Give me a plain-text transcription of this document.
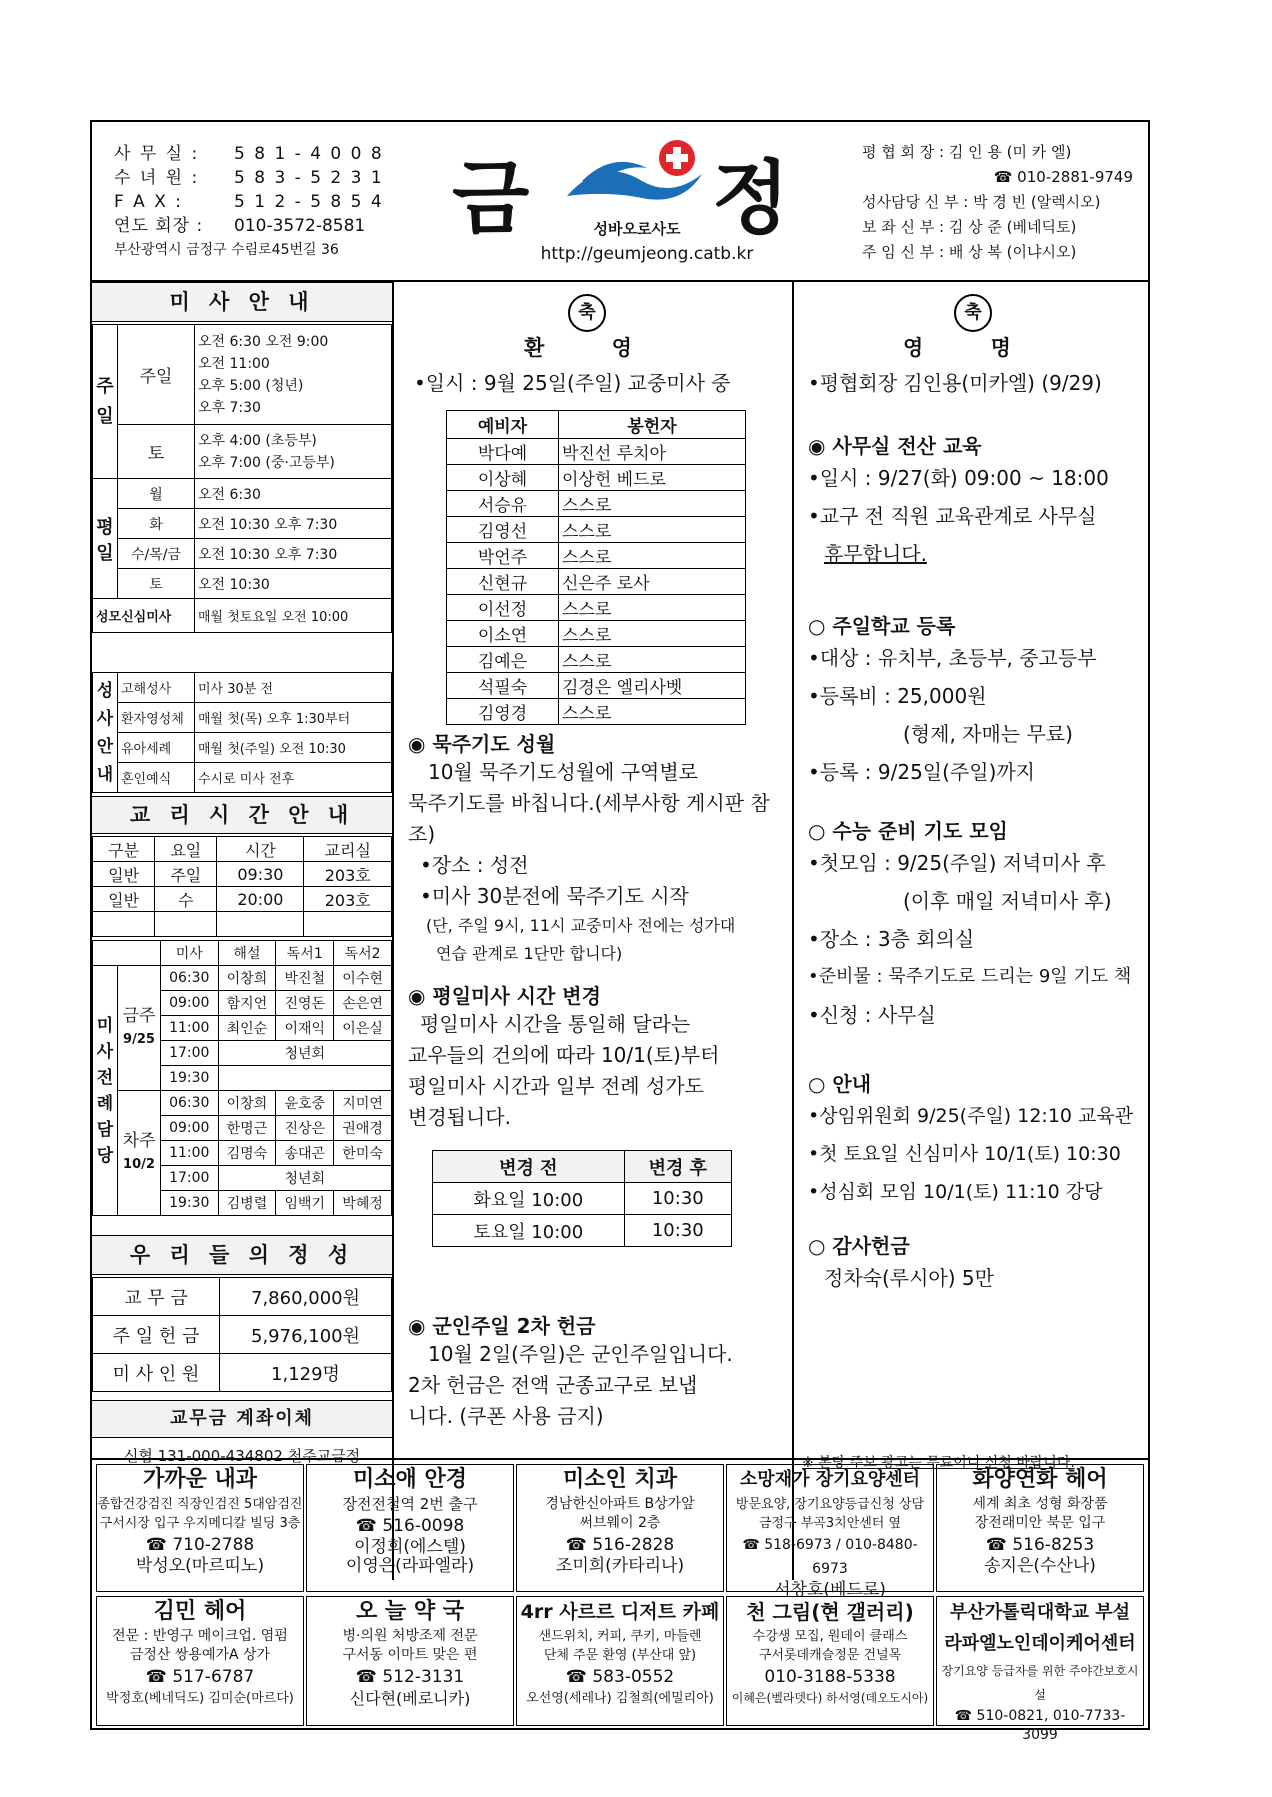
사 무 실 : 5 8 1 - 4 0 0 8
수 녀 원 : 5 8 3 - 5 2 3 1
F A X :	5 1 2 - 5 8 5 4
연도 회장 : 010-3572-8581
부산광역시 금정구 수림로45번길 36
금 정
성바오로사도
http://geumjeong.catb.kr
평 협 회 장 : 김 인 용 (미 카 엘)
☎ 010-2881-9749
성사담당 신 부 : 박 경 빈 (알렉시오)
보 좌 신 부 : 김 상 준 (베네딕토)
주 임 신 부 : 배 상 복 (이냐시오)
미 사 안 내
주일	주일	오전 6:30 오전 9:00
오전 11:00
오후 5:00 (청년)
오후 7:30

	토	오후 4:00 (초등부)
오후 7:00 (중·고등부)

평일	월	오전 6:30
	화	오전 10:30 오후 7:30
	수/목/금	오전 10:30 오후 7:30
	토	오전 10:30
성모신심미사		매월 첫토요일 오전 10:00
성사안내	고해성사	미사 30분 전
	환자영성체	매월 첫(목) 오후 1:30부터
	유아세례	매월 첫(주일) 오전 10:30
	혼인예식	수시로 미사 전후
교 리 시 간 안 내
구분	요일	시간	교리실
일반	주일	09:30	203호
일반	수	20:00	203호

		미사	해설	독서1	독서2
미사전례담당	금주
9/25	06:30	이창희	박진철	이수현
		09:00	함지언	진영돈	손은연
		11:00	최인순	이재익	이은실
		17:00	청년회		
		19:30			

	차주
10/2	06:30	이창희	윤호중	지미연
		09:00	한명근	진상은	권애경
		11:00	김명숙	송대곤	한미숙
		17:00	청년회		
		19:30	김병렬	임백기	박혜정
우 리 들 의 정 성
교 무 금	7,860,000원
주 일 헌 금	5,976,100원
미 사 인 원	1,129명
교무금 계좌이체
신협 131-000-434802 천주교금정
축
환 영
•일시 : 9월 25일(주일) 교중미사 중
예비자	봉헌자
박다예	박진선 루치아
이상혜	이상헌 베드로
서승유	스스로
김영선	스스로
박언주	스스로
신현규	신은주 로사
이선정	스스로
이소연	스스로
김예은	스스로
석필숙	김경은 엘리사벳
김영경	스스로
◉ 묵주기도 성월
10월 묵주기도성월에 구역별로
묵주기도를 바칩니다.(세부사항 게시판 참조)
•장소 : 성전
•미사 30분전에 묵주기도 시작
(단, 주일 9시, 11시 교중미사 전에는 성가대
연습 관계로 1단만 합니다)
◉ 평일미사 시간 변경
평일미사 시간을 통일해 달라는
교우들의 건의에 따라 10/1(토)부터
평일미사 시간과 일부 전례 성가도
변경됩니다.
변경 전	변경 후
화요일 10:00	10:30
토요일 10:00	10:30
◉ 군인주일 2차 헌금
10월 2일(주일)은 군인주일입니다.
2차 헌금은 전액 군종교구로 보냅
니다. (쿠폰 사용 금지)
축
영 명
•평협회장 김인용(미카엘) (9/29)
◉ 사무실 전산 교육
•일시 : 9/27(화) 09:00 ~ 18:00
•교구 전 직원 교육관계로 사무실
휴무합니다.
○ 주일학교 등록
•대상 : 유치부, 초등부, 중고등부
•등록비 : 25,000원
(형제, 자매는 무료)
•등록 : 9/25일(주일)까지
○ 수능 준비 기도 모임
•첫모임 : 9/25(주일) 저녁미사 후
(이후 매일 저녁미사 후)
•장소 : 3층 회의실
•준비물 : 묵주기도로 드리는 9일 기도 책
•신청 : 사무실
○ 안내
•상임위원회 9/25(주일) 12:10 교육관
•첫 토요일 신심미사 10/1(토) 10:30
•성심회 모임 10/1(토) 11:10 강당
○ 감사헌금
정차숙(루시아) 5만
※ 본당 주보 광고는 무료이니 신청 바랍니다.
가까운 내과
종합건강검진 직장인검진 5대암검진
구서시장 입구 우지메디칼 빌딩 3층
☎ 710-2788
박성오(마르띠노)
미소애 안경
장전전철역 2번 출구
☎ 516-0098
이정희(에스텔)
이영은(라파엘라)
미소인 치과
경남한신아파트 B상가앞
써브웨이 2층
☎ 516-2828
조미희(카타리나)
소망재가 장기요양센터
방문요양, 장기요양등급신청 상담
금정구 부곡3치안센터 옆
☎ 518-6973 / 010-8480-6973
서창호(베드로)
화양연화 헤어
세계 최초 성형 화장품
장전래미안 북문 입구
☎ 516-8253
송지은(수산나)
김민 헤어
전문 : 반영구 메이크업. 염펌
금정산 쌍용예가A 상가
☎ 517-6787
박정호(베네딕도) 김미순(마르다)
오 늘 약 국
병·의원 처방조제 전문
구서동 이마트 맞은 편
☎ 512-3131
신다현(베로니카)
4rr 사르르 디저트 카페
샌드위치, 커피, 쿠키, 마들렌
단체 주문 환영 (부산대 앞)
☎ 583-0552
오선영(세레나) 김철희(에밀리아)
천 그림(현 갤러리)
수강생 모집, 원데이 클래스
구서롯데캐슬정문 건널목
010-3188-5338
이혜은(벨라뎃다) 하서영(데오도시아)
부산가톨릭대학교 부설
라파엘노인데이케어센터
장기요양 등급자를 위한 주야간보호시설
☎ 510-0821, 010-7733-3099
